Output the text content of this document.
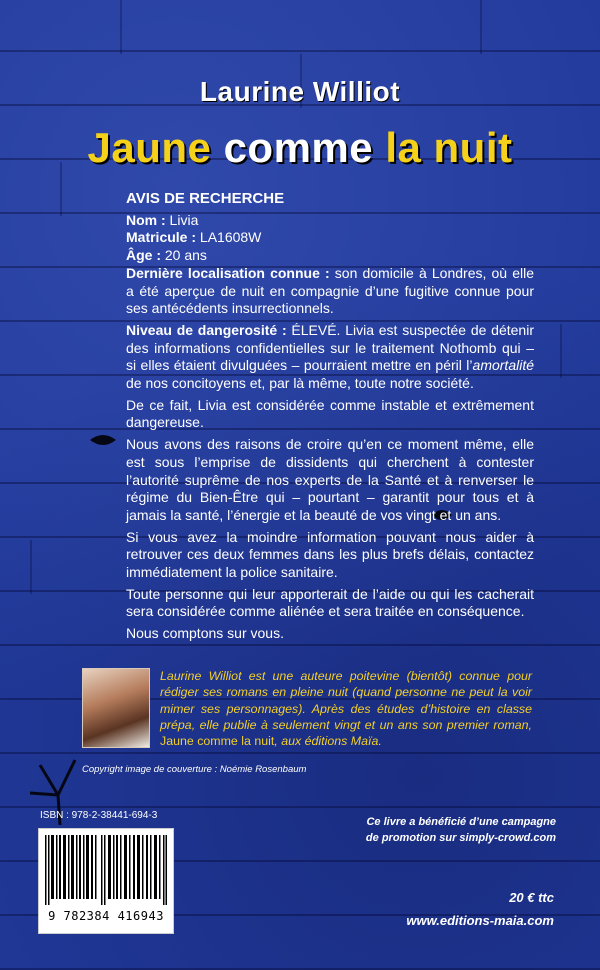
Laurine Williot
Jaune comme la nuit

AVIS DE RECHERCHE

Nom : Livia

Matricule : LA1608W

Âge : 20 ans

Dernière localisation connue : son domicile à Londres, où elle a été aperçue de nuit en compagnie d’une fugitive connue pour ses antécédents insurrectionnels.

Niveau de dangerosité : ÉLEVÉ. Livia est suspectée de détenir des informations confidentielles sur le traitement Nothomb qui – si elles étaient divulguées – pourraient mettre en péril l’amortalité de nos concitoyens et, par là même, toute notre société.

De ce fait, Livia est considérée comme instable et extrêmement dangereuse.

Nous avons des raisons de croire qu’en ce moment même, elle est sous l’emprise de dissidents qui cherchent à contester l’autorité suprême de nos experts de la Santé et à renverser le régime du Bien-Être qui – pourtant – garantit pour tous et à jamais la santé, l’énergie et la beauté de vos vingt et un ans.

Si vous avez la moindre information pouvant nous aider à retrouver ces deux femmes dans les plus brefs délais, contactez immédiatement la police sanitaire.

Toute personne qui leur apporterait de l’aide ou qui les cacherait sera considérée comme aliénée et sera traitée en conséquence.

Nous comptons sur vous.

Laurine Williot est une auteure poitevine (bientôt) connue pour rédiger ses romans en pleine nuit (quand personne ne peut la voir mimer ses personnages). Après des études d’histoire en classe prépa, elle publie à seulement vingt et un ans son premier roman, Jaune comme la nuit, aux éditions Maïa.
Copyright image de couverture : Noémie Rosenbaum
ISBN : 978-2-38441-694-3
9 782384 416943
Ce livre a bénéficié d’une campagne
de promotion sur simply-crowd.com
20 € ttc
www.editions-maia.com
